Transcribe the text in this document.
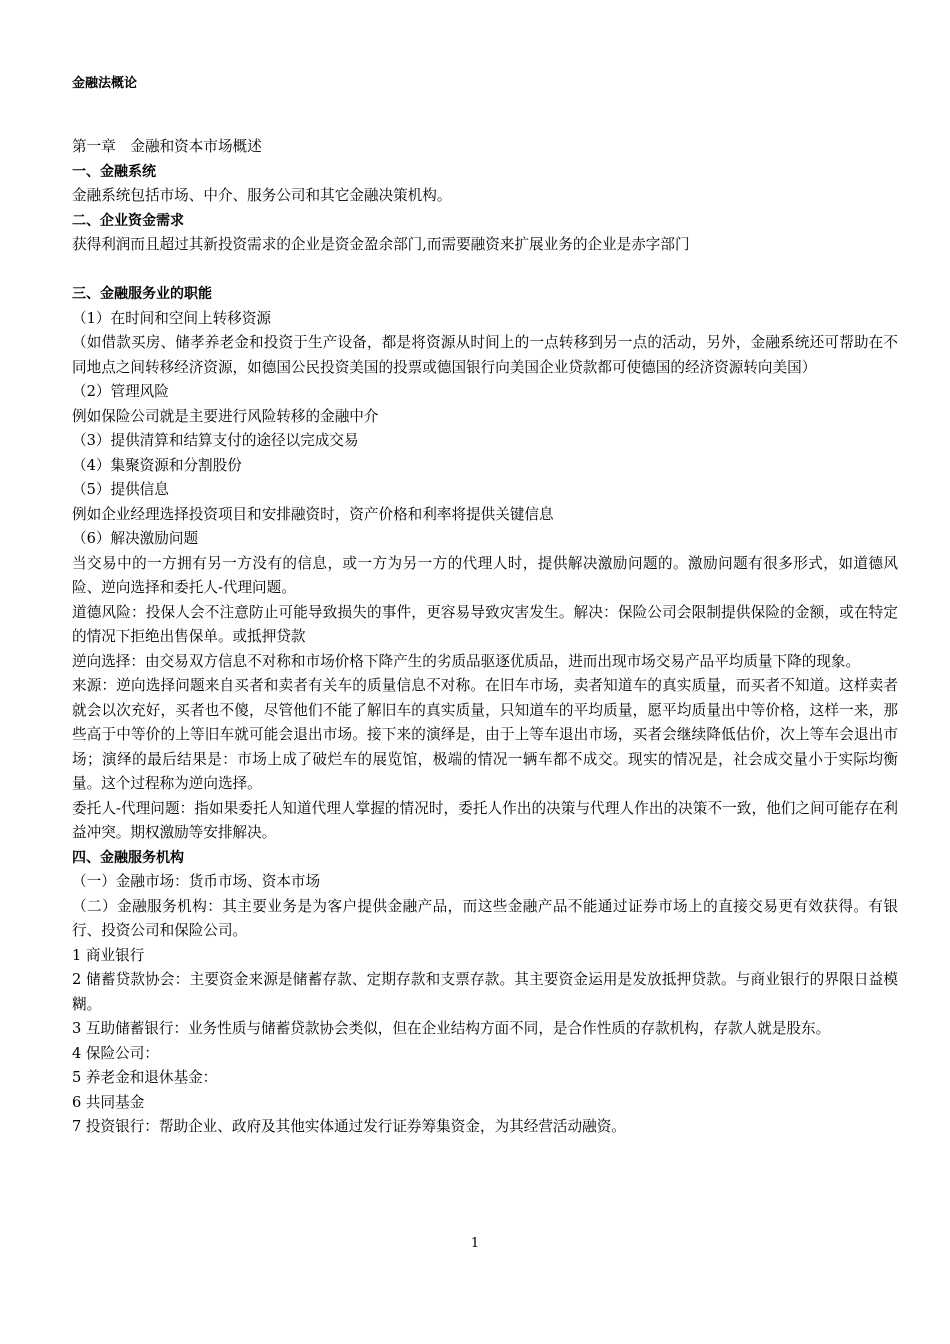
金融法概论

第一章　金融和资本市场概述

一、金融系统

金融系统包括市场、中介、服务公司和其它金融决策机构。

二、企业资金需求

获得利润而且超过其新投资需求的企业是资金盈余部门,而需要融资来扩展业务的企业是赤字部门

三、金融服务业的职能

（1）在时间和空间上转移资源

（如借款买房、储孝养老金和投资于生产设备，都是将资源从时间上的一点转移到另一点的活动，另外，金融系统还可帮助在不同地点之间转移经济资源，如德国公民投资美国的投票或德国银行向美国企业贷款都可使德国的经济资源转向美国）

（2）管理风险

例如保险公司就是主要进行风险转移的金融中介

（3）提供清算和结算支付的途径以完成交易

（4）集聚资源和分割股份

（5）提供信息

例如企业经理选择投资项目和安排融资时，资产价格和利率将提供关键信息

（6）解决激励问题

当交易中的一方拥有另一方没有的信息，或一方为另一方的代理人时，提供解决激励问题的。激励问题有很多形式，如道德风险、逆向选择和委托人-代理问题。

道德风险：投保人会不注意防止可能导致损失的事件，更容易导致灾害发生。解决：保险公司会限制提供保险的金额，或在特定的情况下拒绝出售保单。或抵押贷款

逆向选择：由交易双方信息不对称和市场价格下降产生的劣质品驱逐优质品，进而出现市场交易产品平均质量下降的现象。

来源：逆向选择问题来自买者和卖者有关车的质量信息不对称。在旧车市场，卖者知道车的真实质量，而买者不知道。这样卖者就会以次充好，买者也不傻，尽管他们不能了解旧车的真实质量，只知道车的平均质量，愿平均质量出中等价格，这样一来，那些高于中等价的上等旧车就可能会退出市场。接下来的演绎是，由于上等车退出市场，买者会继续降低估价，次上等车会退出市场；演绎的最后结果是：市场上成了破烂车的展览馆，极端的情况一辆车都不成交。现实的情况是，社会成交量小于实际均衡量。这个过程称为逆向选择。

委托人-代理问题：指如果委托人知道代理人掌握的情况时，委托人作出的决策与代理人作出的决策不一致，他们之间可能存在利益冲突。期权激励等安排解决。

四、金融服务机构

（一）金融市场：货币市场、资本市场

（二）金融服务机构：其主要业务是为客户提供金融产品，而这些金融产品不能通过证券市场上的直接交易更有效获得。有银行、投资公司和保险公司。

1 商业银行

2 储蓄贷款协会：主要资金来源是储蓄存款、定期存款和支票存款。其主要资金运用是发放抵押贷款。与商业银行的界限日益模糊。

3 互助储蓄银行：业务性质与储蓄贷款协会类似，但在企业结构方面不同，是合作性质的存款机构，存款人就是股东。

4 保险公司：

5 养老金和退休基金：

6 共同基金

7 投资银行：帮助企业、政府及其他实体通过发行证券筹集资金，为其经营活动融资。

1
